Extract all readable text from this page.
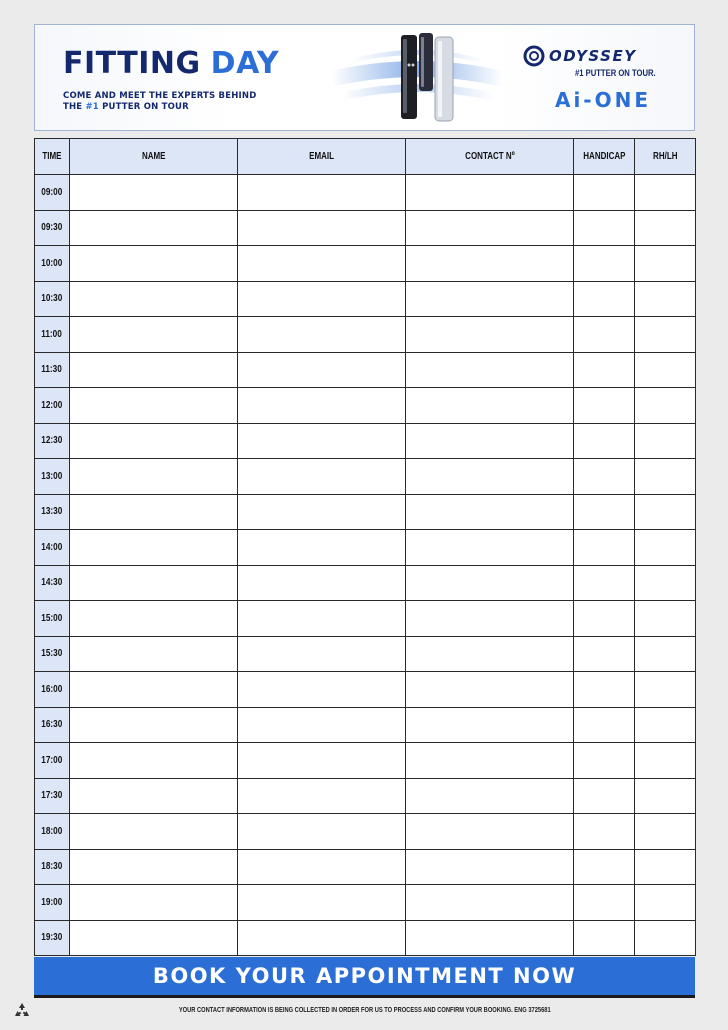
FITTING DAY
COME AND MEET THE EXPERTS BEHIND
THE #1 PUTTER ON TOUR
ODYSSEY
#1 PUTTER ON TOUR.
Ai-ONE
TIME	NAME	EMAIL	CONTACT Nº	HANDICAP	RH/LH
09:00					
09:30					
10:00					
10:30					
11:00					
11:30					
12:00					
12:30					
13:00					
13:30					
14:00					
14:30					
15:00					
15:30					
16:00					
16:30					
17:00					
17:30					
18:00					
18:30					
19:00					
19:30					
BOOK YOUR APPOINTMENT NOW
YOUR CONTACT INFORMATION IS BEING COLLECTED IN ORDER FOR US TO PROCESS AND CONFIRM YOUR BOOKING. ENG 3725681
